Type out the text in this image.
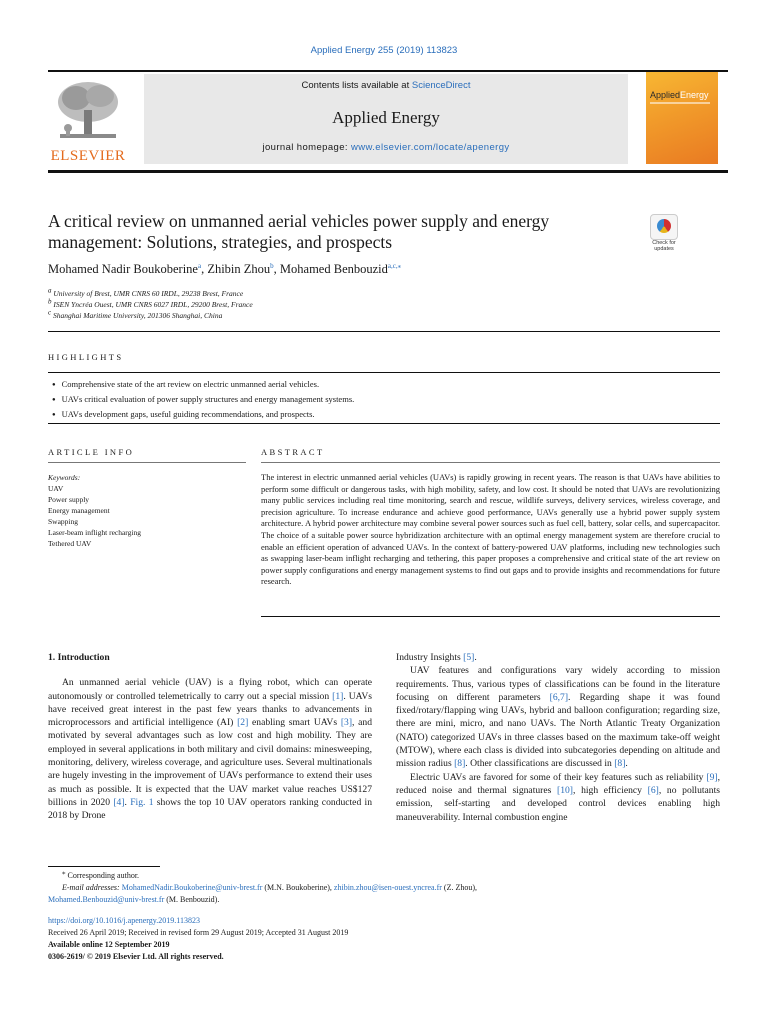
Applied Energy 255 (2019) 113823
ELSEVIER
Contents lists available at ScienceDirect
Applied Energy
journal homepage: www.elsevier.com/locate/apenergy
AppliedEnergy
A critical review on unmanned aerial vehicles power supply and energy management: Solutions, strategies, and prospects	Check for updates
Mohamed Nadir Boukoberine$^a$, Zhibin Zhou$^b$, Mohamed Benbouzid$^{a,c,⁎}$
$^a$ University of Brest, UMR CNRS 60 IRDL, 29238 Brest, France
$^b$ ISEN Yncréa Ouest, UMR CNRS 6027 IRDL, 29200 Brest, France
$^c$ Shanghai Maritime University, 201306 Shanghai, China
HIGHLIGHTS
● Comprehensive state of the art review on electric unmanned aerial vehicles.
● UAVs critical evaluation of power supply structures and energy management systems.
● UAVs development gaps, useful guiding recommendations, and prospects.
ARTICLE INFO	ABSTRACT
Keywords:
UAV
Power supply
Energy management
Swapping
Laser-beam inflight recharging
Tethered UAV
The interest in electric unmanned aerial vehicles (UAVs) is rapidly growing in recent years. The reason is that UAVs have abilities to perform some difficult or dangerous tasks, with high mobility, safety, and low cost. It should be noted that UAVs are revolutionizing many public services including real time monitoring, search and rescue, wildlife surveys, delivery services, wireless coverage, and precision agriculture. To increase endurance and achieve good performance, UAVs generally use a hybrid power supply system architecture. A hybrid power architecture may combine several power sources such as fuel cell, battery, solar cells, and supercapacitor. The choice of a suitable power source hybridization architecture with an optimal energy management system are therefore crucial to enable an efficient operation of advanced UAVs. In the context of battery-powered UAV platforms, including new technologies such as swapping laser-beam inflight recharging and tethering, this paper proposes a comprehensive and critical state of the art review on power supply configurations and energy management systems to find out gaps and to provide insights and recommendations for future research.
1. Introduction

An unmanned aerial vehicle (UAV) is a flying robot, which can operate autonomously or controlled telemetrically to carry out a special mission [1]. UAVs have received great interest in the past few years thanks to advancements in microprocessors and artificial intelligence (AI) [2] enabling smart UAVs [3], and motivated by several advantages such as low cost and high mobility. They are employed in several applications in both military and civil domains: minesweeping, monitoring, delivery, wireless coverage, and agriculture uses. Several multinationals are hugely investing in the improvement of UAVs performance to extend their uses as much as possible. It is expected that the UAV market value reaches US$127 billions in 2020 [4]. Fig. 1 shows the top 10 UAV operators ranking conducted in 2018 by Drone

Industry Insights [5].

UAV features and configurations vary widely according to mission requirements. Thus, various types of classifications can be found in the literature focusing on different parameters [6,7]. Regarding shape it was found fixed/rotary/flapping wing UAVs, hybrid and balloon configuration; regarding size, there are mini, micro, and nano UAVs. The North Atlantic Treaty Organization (NATO) categorized UAVs in three classes based on the maximum take-off weight (MTOW), where each class is divided into subcategories depending on altitude and mission radius [8]. Other classifications are discussed in [8].

Electric UAVs are favored for some of their key features such as reliability [9], reduced noise and thermal signatures [10], high efficiency [6], no pollutants emission, self-starting and developed control devices enabling high maneuverability. Internal combustion engine

⁎ Corresponding author.
E-mail addresses: MohamedNadir.Boukoberine@univ-brest.fr (M.N. Boukoberine), zhibin.zhou@isen-ouest.yncrea.fr (Z. Zhou),
Mohamed.Benbouzid@univ-brest.fr (M. Benbouzid).
https://doi.org/10.1016/j.apenergy.2019.113823
Received 26 April 2019; Received in revised form 29 August 2019; Accepted 31 August 2019
Available online 12 September 2019
0306-2619/ © 2019 Elsevier Ltd. All rights reserved.
